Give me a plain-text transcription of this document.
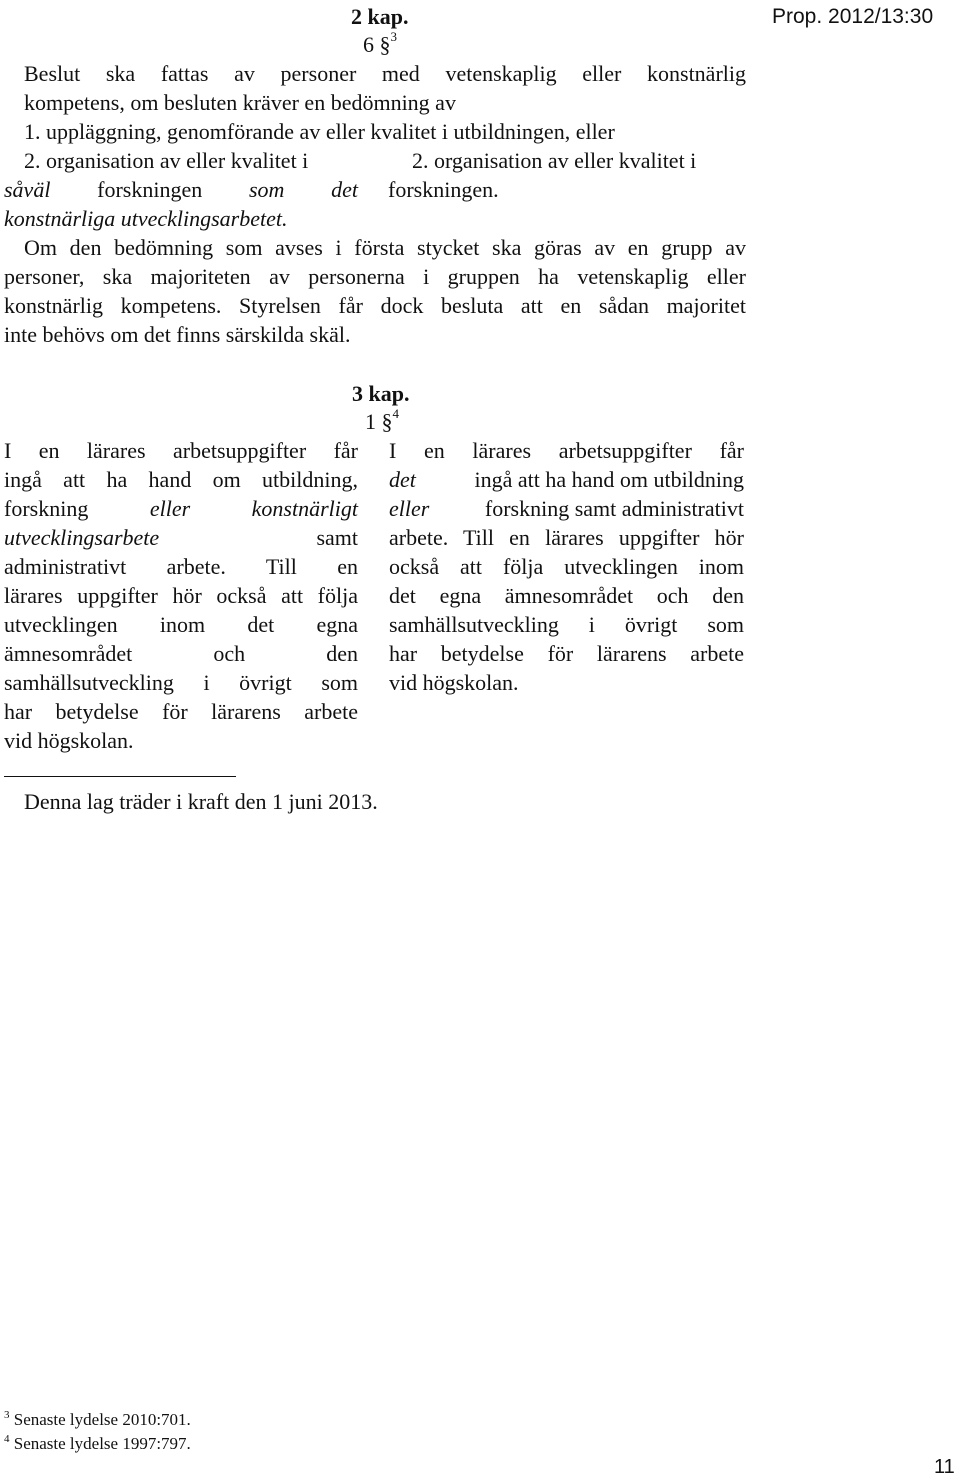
2 kap.
6 §$^3$
Prop. 2012/13:30
Beslut ska fattas av personer med vetenskaplig eller konstnärlig
kompetens, om besluten kräver en bedömning av
1. uppläggning, genomförande av eller kvalitet i utbildningen, eller
2. organisation av eller kvalitet i
såväl forskningen som det
konstnärliga utvecklingsarbetet.
2. organisation av eller kvalitet i
forskningen.
Om den bedömning som avses i första stycket ska göras av en grupp av
personer, ska majoriteten av personerna i gruppen ha vetenskaplig eller
konstnärlig kompetens. Styrelsen får dock besluta att en sådan majoritet
inte behövs om det finns särskilda skäl.
3 kap.
1 §$^4$
I en lärares arbetsuppgifter får
ingå att ha hand om utbildning,
forskning	eller	konstnärligt
utvecklingsarbete	samt
administrativt arbete. Till en
lärares uppgifter hör också att följa
utvecklingen inom det egna
ämnesområdet och den
samhällsutveckling i övrigt som
har betydelse för lärarens arbete
vid högskolan.
I en lärares arbetsuppgifter får
det	ingå att ha hand om utbildning
eller	forskning samt administrativt
arbete. Till en lärares uppgifter hör
också att följa utvecklingen inom
det egna ämnesområdet och den
samhällsutveckling i övrigt som
har betydelse för lärarens arbete
vid högskolan.
Denna lag träder i kraft den 1 juni 2013.
$^3$ Senaste lydelse 2010:701.
$^4$ Senaste lydelse 1997:797.
11
